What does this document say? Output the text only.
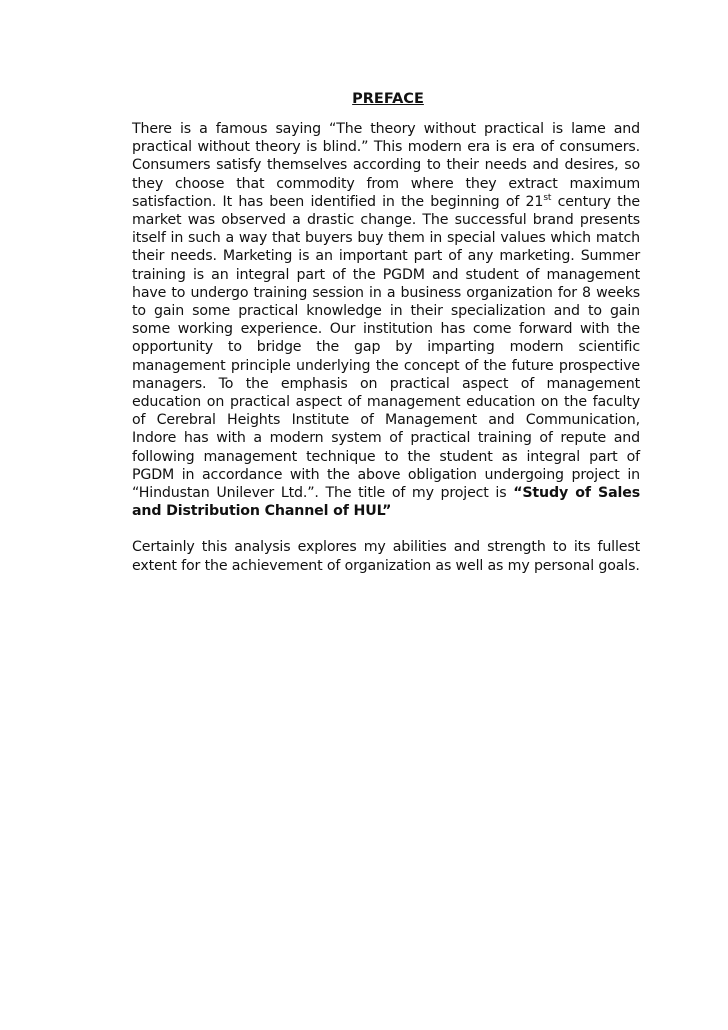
PREFACE

There is a famous saying “The theory without practical is lame and practical without theory is blind.” This modern era is era of consumers. Consumers satisfy themselves according to their needs and desires, so they choose that commodity from where they extract maximum satisfaction. It has been identified in the beginning of 21st century the market was observed a drastic change. The successful brand presents itself in such a way that buyers buy them in special values which match their needs. Marketing is an important part of any marketing. Summer training is an integral part of the PGDM and student of management have to undergo training session in a business organization for 8 weeks to gain some practical knowledge in their specialization and to gain some working experience. Our institution has come forward with the opportunity to bridge the gap by imparting modern scientific management principle underlying the concept of the future prospective managers. To the emphasis on practical aspect of management education on practical aspect of management education on the faculty of Cerebral Heights Institute of Management and Communication, Indore has with a modern system of practical training of repute and following management technique to the student as integral part of PGDM in accordance with the above obligation undergoing project in “Hindustan Unilever Ltd.”. The title of my project is “Study of Sales and Distribution Channel of HUL”

Certainly this analysis explores my abilities and strength to its fullest extent for the achievement of organization as well as my personal goals.
